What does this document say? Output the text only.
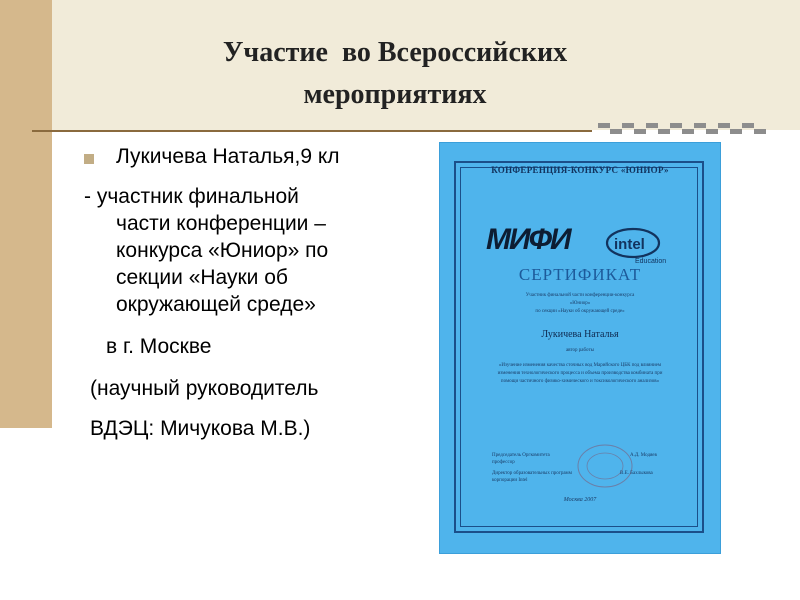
Участие  во Всероссийских
мероприятиях
Лукичева Наталья,9 кл
- участник финальной
части конференции –
конкурса «Юниор» по
секции «Науки об
окружающей среде»
в г. Москве
(научный руководитель
ВДЭЦ: Мичукова М.В.)
КОНФЕРЕНЦИЯ-КОНКУРС «ЮНИОР»
МИФИ	intel
Education
СЕРТИФИКАТ
Участник финальной части конференции-конкурса
«Юниор»
по секции «Науки об окружающей среде»
Лукичева Наталья
автор работы
«Изучение изменения качества сточных вод Марийского ЦБК под влиянием
изменения технологического процесса и объема производства комбината при
помощи частичного физико-химического и токсикологического анализов»
Председатель Оргкомитета
профессор
А.Д. Модяев
Директор образовательных программ
корпорации Intel
В.Е. Бахлыкова
Москва 2007
